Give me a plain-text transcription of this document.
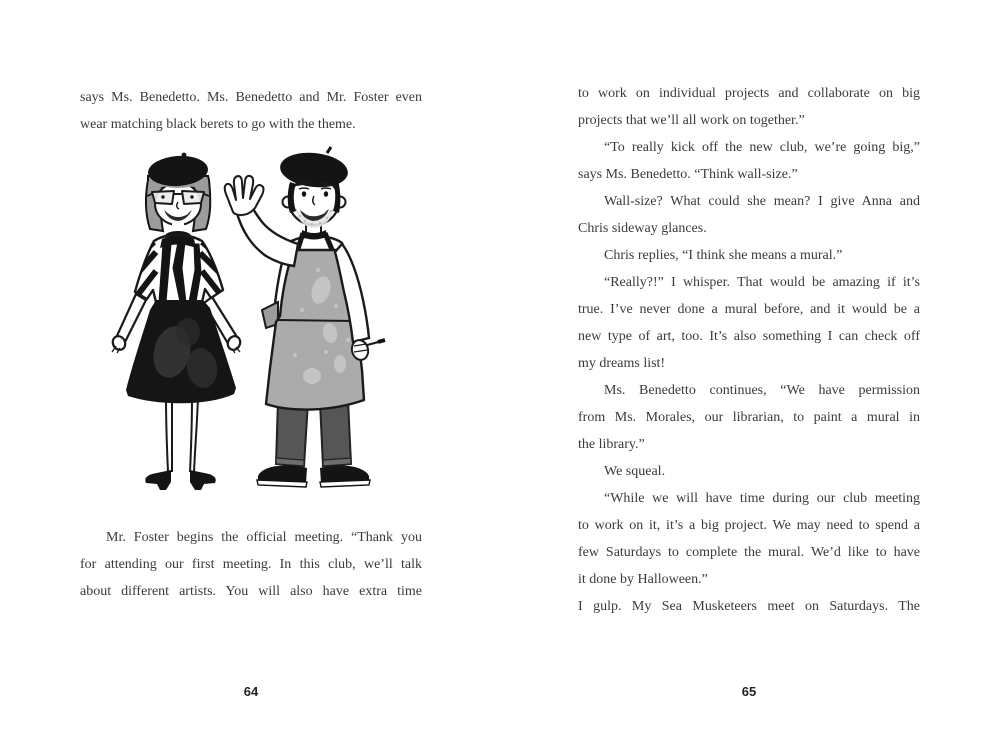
says Ms. Benedetto. Ms. Benedetto and Mr. Foster even
wear matching black berets to go with the theme.
Mr. Foster begins the official meeting. “Thank you
for attending our first meeting. In this club, we’ll talk
about different artists. You will also have extra time
to work on individual projects and collaborate on big
projects that we’ll all work on together.”
“To really kick off the new club, we’re going big,”
says Ms. Benedetto. “Think wall-size.”
Wall-size? What could she mean? I give Anna and
Chris sideway glances.
Chris replies, “I think she means a mural.”
“Really?!” I whisper. That would be amazing if it’s
true. I’ve never done a mural before, and it would be a
new type of art, too. It’s also something I can check off
my dreams list!
Ms. Benedetto continues, “We have permission
from Ms. Morales, our librarian, to paint a mural in
the library.”
We squeal.
“While we will have time during our club meeting
to work on it, it’s a big project. We may need to spend a
few Saturdays to complete the mural. We’d like to have
it done by Halloween.”
I gulp. My Sea Musketeers meet on Saturdays. The
64	65
